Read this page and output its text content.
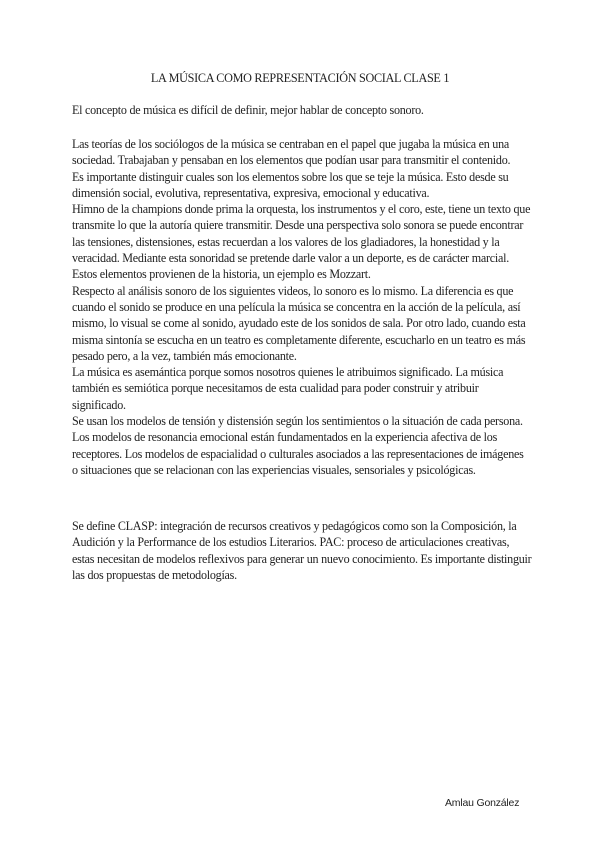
LA MÚSICA COMO REPRESENTACIÓN SOCIAL CLASE 1

El concepto de música es difícil de definir, mejor hablar de concepto sonoro.

Las teorías de los sociólogos de la música se centraban en el papel que jugaba la música en una sociedad. Trabajaban y pensaban en los elementos que podían usar para transmitir el contenido.

Es importante distinguir cuales son los elementos sobre los que se teje la música. Esto desde su dimensión social, evolutiva, representativa, expresiva, emocional y educativa.

Himno de la champions donde prima la orquesta, los instrumentos y el coro, este, tiene un texto que transmite lo que la autoría quiere transmitir. Desde una perspectiva solo sonora se puede encontrar las tensiones, distensiones, estas recuerdan a los valores de los gladiadores, la honestidad y la veracidad. Mediante esta sonoridad se pretende darle valor a un deporte, es de carácter marcial. Estos elementos provienen de la historia, un ejemplo es Mozzart.

Respecto al análisis sonoro de los siguientes videos, lo sonoro es lo mismo. La diferencia es que cuando el sonido se produce en una película la música se concentra en la acción de la película, así mismo, lo visual se come al sonido, ayudado este de los sonidos de sala. Por otro lado, cuando esta misma sintonía se escucha en un teatro es completamente diferente, escucharlo en un teatro es más pesado pero, a la vez, también más emocionante.

La música es asemántica porque somos nosotros quienes le atribuimos significado. La música también es semiótica porque necesitamos de esta cualidad para poder construir y atribuir significado.

Se usan los modelos de tensión y distensión según los sentimientos o la situación de cada persona. Los modelos de resonancia emocional están fundamentados en la experiencia afectiva de los receptores. Los modelos de espacialidad o culturales asociados a las representaciones de imágenes o situaciones que se relacionan con las experiencias visuales, sensoriales y psicológicas.

Se define CLASP: integración de recursos creativos y pedagógicos como son la Composición, la Audición y la Performance de los estudios Literarios. PAC: proceso de articulaciones creativas, estas necesitan de modelos reflexivos para generar un nuevo conocimiento. Es importante distinguir las dos propuestas de metodologías.

Amlau González
